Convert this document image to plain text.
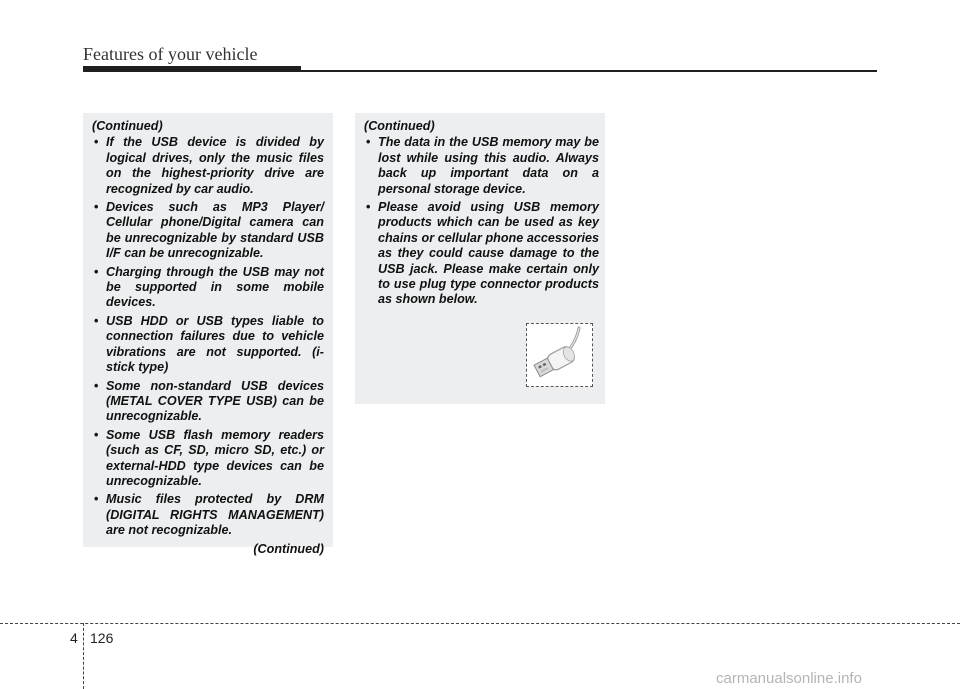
Features of your vehicle
(Continued)
• If the USB device is divided by logical drives, only the music files on the highest-priority drive are recognized by car audio.
• Devices such as MP3 Player/ Cellular phone/Digital camera can be unrecognizable by standard USB I/F can be unrecognizable.
• Charging through the USB may not be supported in some mobile devices.
• USB HDD or USB types liable to connection failures due to vehicle vibrations are not supported. (i-stick type)
• Some non-standard USB devices (METAL COVER TYPE USB) can be unrecognizable.
• Some USB flash memory readers (such as CF, SD, micro SD, etc.) or external-HDD type devices can be unrecognizable.
• Music files protected by DRM (DIGITAL RIGHTS MANAGEMENT) are not recognizable.
(Continued)
(Continued)
• The data in the USB memory may be lost while using this audio. Always back up important data on a personal storage device.
• Please avoid using USB memory products which can be used as key chains or cellular phone accessories as they could cause damage to the USB jack. Please make certain only to use plug type connector products as shown below.
4 126
carmanualsonline.info
